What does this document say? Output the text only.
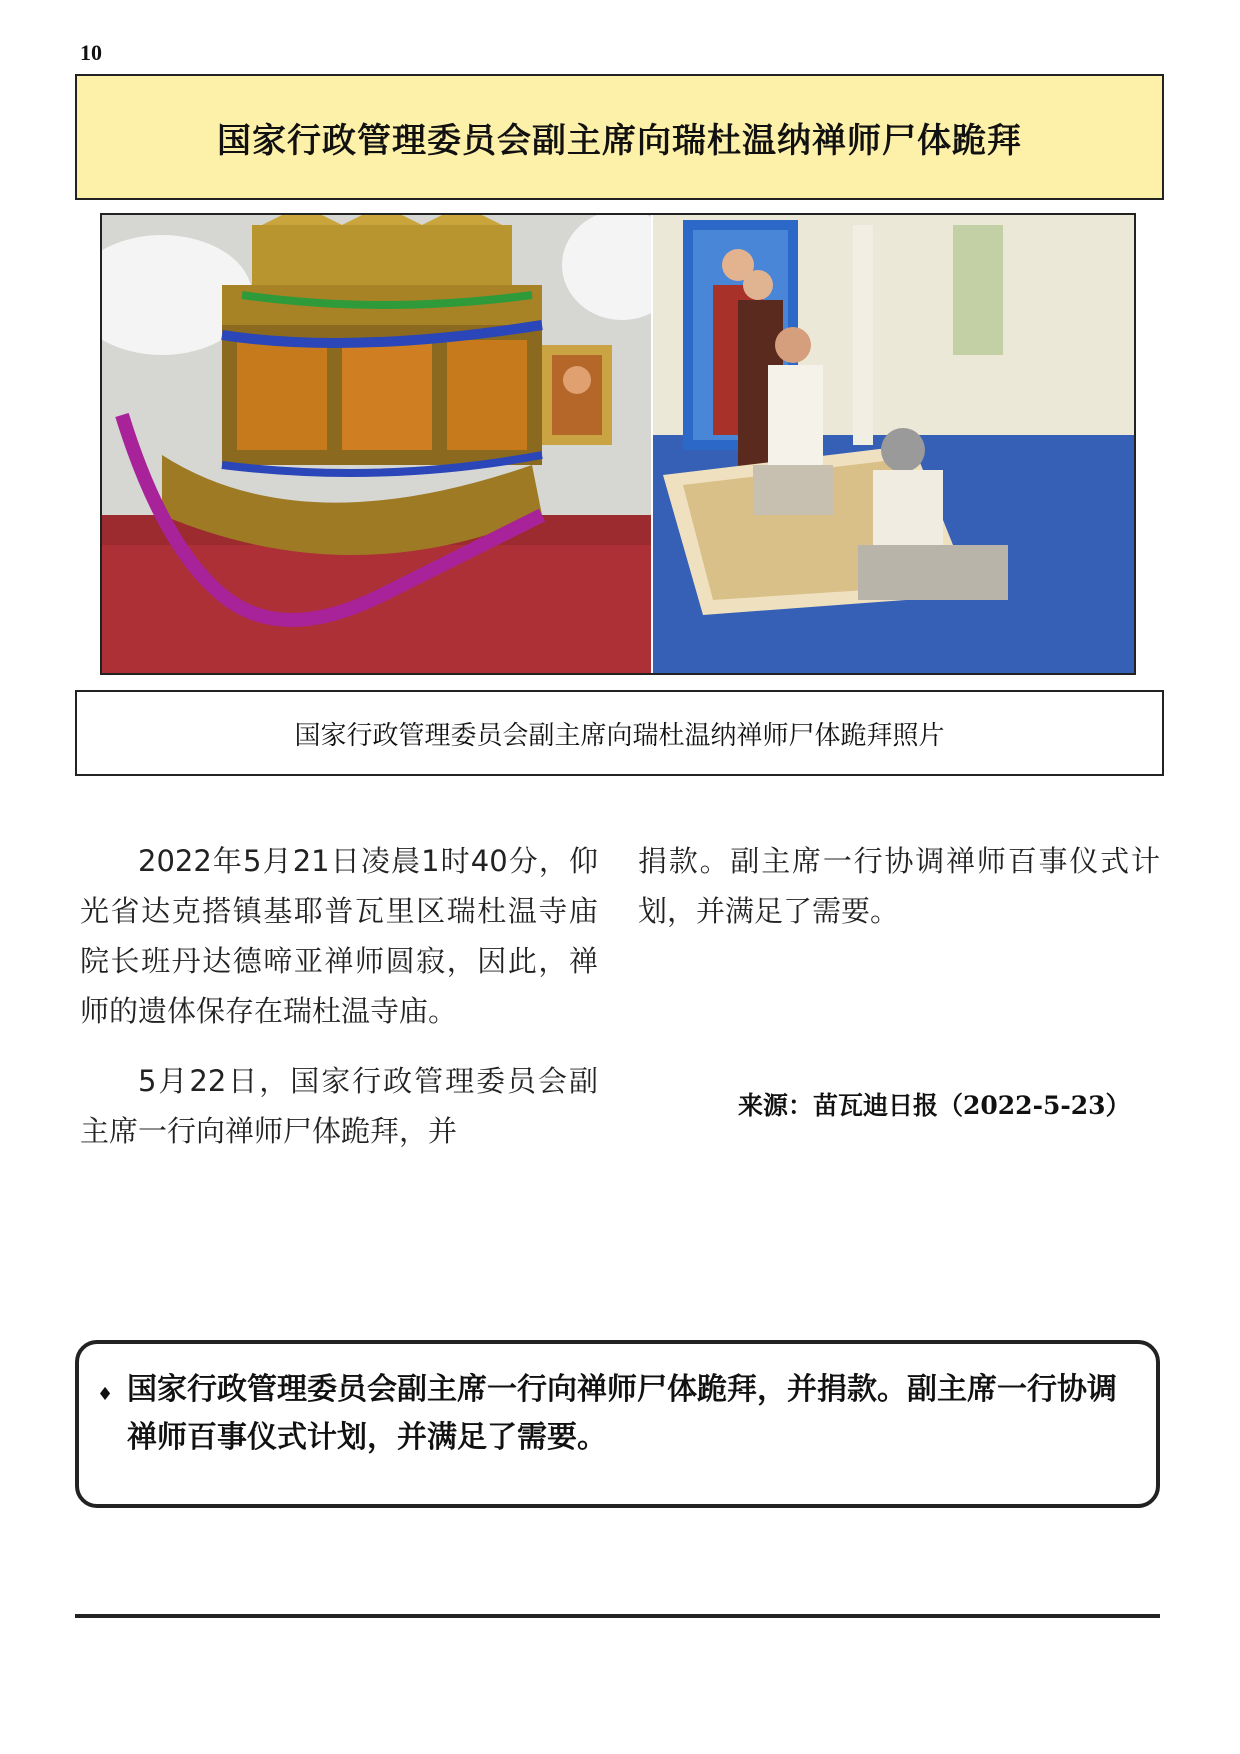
10
国家行政管理委员会副主席向瑞杜温纳禅师尸体跪拜
国家行政管理委员会副主席向瑞杜温纳禅师尸体跪拜照片

2022年5月21日凌晨1时40分，仰光省达克搭镇基耶普瓦里区瑞杜温寺庙院长班丹达德啼亚禅师圆寂，因此，禅师的遗体保存在瑞杜温寺庙。

5月22日，国家行政管理委员会副主席一行向禅师尸体跪拜，并

捐款。副主席一行协调禅师百事仪式计划，并满足了需要。

来源：苗瓦迪日报（2022-5-23）
♦ 国家行政管理委员会副主席一行向禅师尸体跪拜，并捐款。副主席一行协调禅师百事仪式计划，并满足了需要。
